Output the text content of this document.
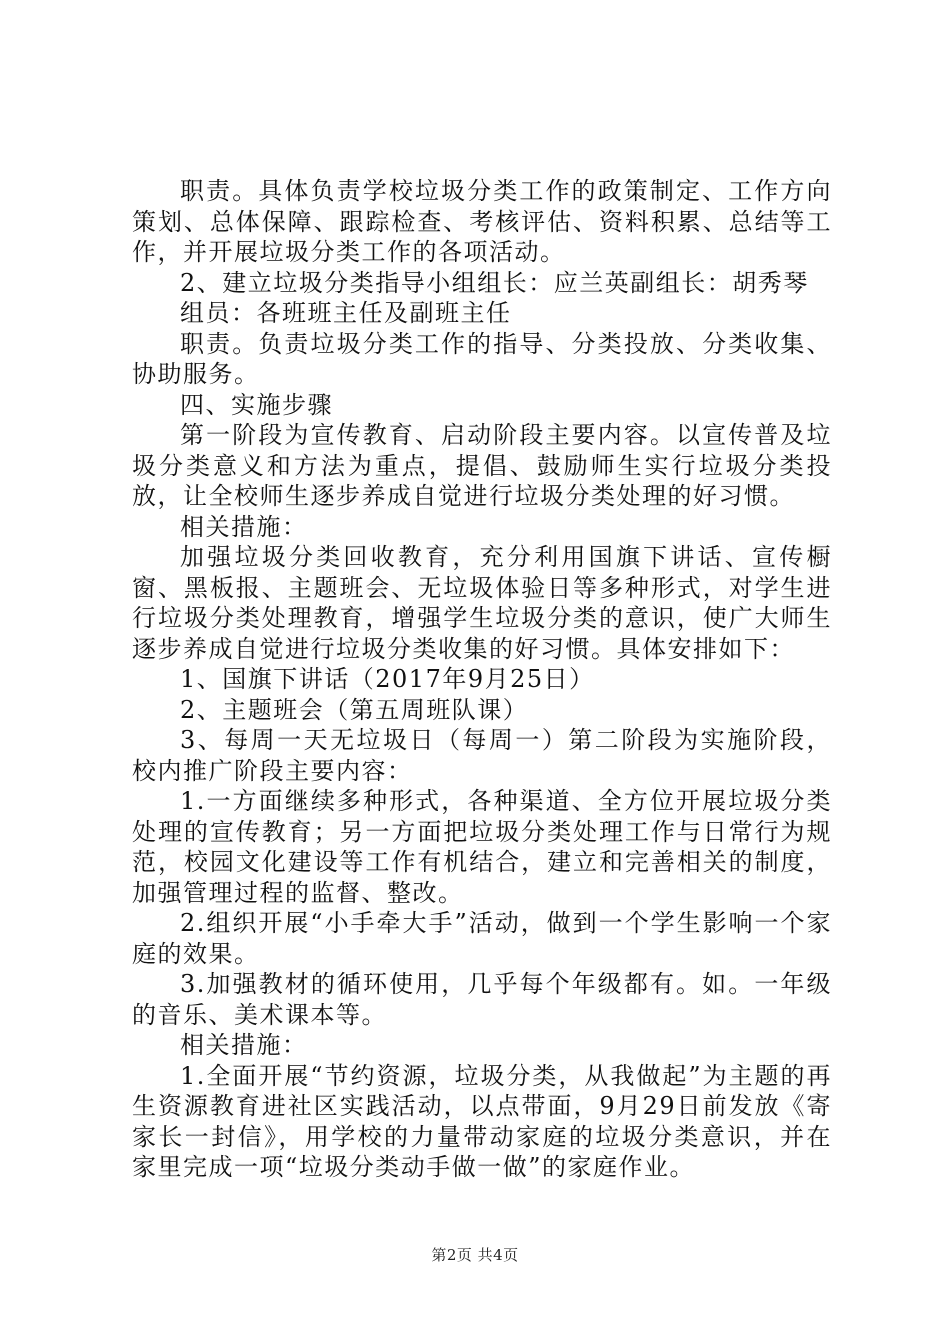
职责。具体负责学校垃圾分类工作的政策制定、工作方向策划、总体保障、跟踪检查、考核评估、资料积累、总结等工作，并开展垃圾分类工作的各项活动。

2、建立垃圾分类指导小组组长：应兰英副组长：胡秀琴

组员：各班班主任及副班主任

职责。负责垃圾分类工作的指导、分类投放、分类收集、协助服务。

四、实施步骤

第一阶段为宣传教育、启动阶段主要内容。以宣传普及垃圾分类意义和方法为重点，提倡、鼓励师生实行垃圾分类投放，让全校师生逐步养成自觉进行垃圾分类处理的好习惯。

相关措施：

加强垃圾分类回收教育，充分利用国旗下讲话、宣传橱窗、黑板报、主题班会、无垃圾体验日等多种形式，对学生进行垃圾分类处理教育，增强学生垃圾分类的意识，使广大师生逐步养成自觉进行垃圾分类收集的好习惯。具体安排如下：

1、国旗下讲话（2017年9月25日）

2、主题班会（第五周班队课）

3、每周一天无垃圾日（每周一）第二阶段为实施阶段，校内推广阶段主要内容：

1.一方面继续多种形式，各种渠道、全方位开展垃圾分类处理的宣传教育；另一方面把垃圾分类处理工作与日常行为规范，校园文化建设等工作有机结合，建立和完善相关的制度，加强管理过程的监督、整改。

2.组织开展“小手牵大手”活动，做到一个学生影响一个家庭的效果。

3.加强教材的循环使用，几乎每个年级都有。如。一年级的音乐、美术课本等。

相关措施：

1.全面开展“节约资源，垃圾分类，从我做起”为主题的再生资源教育进社区实践活动，以点带面，9月29日前发放《寄家长一封信》，用学校的力量带动家庭的垃圾分类意识，并在家里完成一项“垃圾分类动手做一做”的家庭作业。

第2页 共4页
